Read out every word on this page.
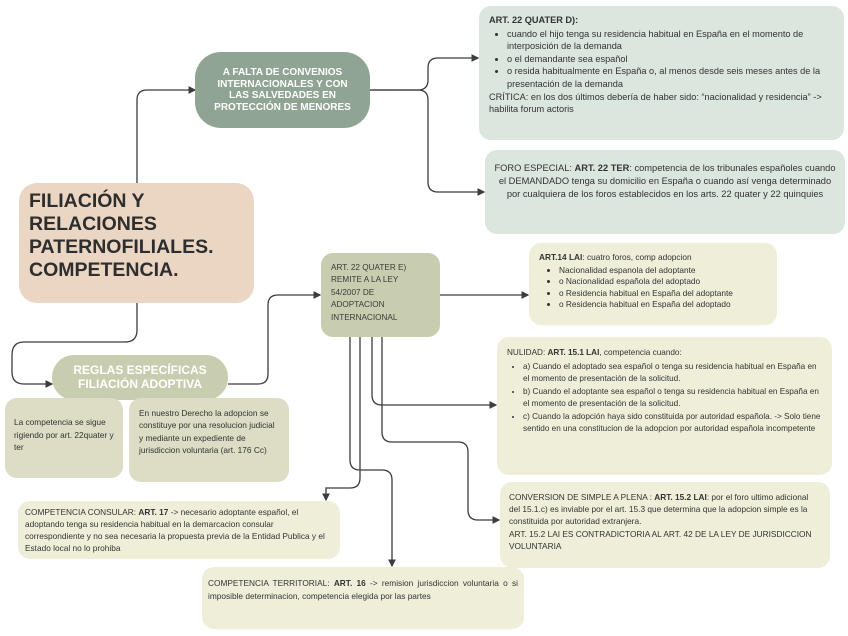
FILIACIÓN Y
RELACIONES
PATERNOFILIALES.
COMPETENCIA.
A FALTA DE CONVENIOS
INTERNACIONALES Y CON
LAS SALVEDADES EN
PROTECCIÓN DE MENORES
REGLAS ESPECÍFICAS
FILIACIÓN ADOPTIVA
ART. 22 QUATER D):
• cuando el hijo tenga su residencia habitual en España en el momento de interposición de la demanda
• o el demandante sea español
• o resida habitualmente en España o, al menos desde seis meses antes de la presentación de la demanda
CRÍTICA: en los dos últimos debería de haber sido: “nacionalidad y residencia” -> habilita forum actoris
FORO ESPECIAL: ART. 22 TER: competencia de los tribunales españoles cuando el DEMANDADO tenga su domicilio en España o cuando así venga determinado por cualquiera de los foros establecidos en los arts. 22 quater y 22 quinquies
ART. 22 QUATER E)
REMITE A LA LEY
54/2007 DE
ADOPTACION
INTERNACIONAL
ART.14 LAI: cuatro foros, comp adopcion
• Nacionalidad espanola del adoptante
• o Nacionalidad española del adoptado
• o Residencia habitual en España del adoptante
• o Residencia habitual en España del adoptado
NULIDAD: ART. 15.1 LAI, competencia cuando:
• a) Cuando el adoptado sea español o tenga su residencia habitual en España en el momento de presentación de la solicitud.
• b) Cuando el adoptante sea español o tenga su residencia habitual en España en el momento de presentación de la solicitud.
• c) Cuando la adopción haya sido constituida por autoridad española. -> Solo tiene sentido en una constitucion de la adopcion por autoridad española incompetente
CONVERSION DE SIMPLE A PLENA : ART. 15.2 LAI: por el foro ultimo adicional del 15.1.c) es inviable por el art. 15.3 que determina que la adopcion simple es la constituida por autoridad extranjera.
ART. 15.2 LAI ES CONTRADICTORIA AL ART. 42 DE LA LEY DE JURISDICCION VOLUNTARIA
La competencia se sigue rigiendo por art. 22quater y ter
En nuestro Derecho la adopcion se constituye por una resolucion judicial y mediante un expediente de jurisdiccion voluntaria (art. 176 Cc)
COMPETENCIA CONSULAR: ART. 17 -> necesario adoptante español, el adoptando tenga su residencia habitual en la demarcacion consular correspondiente y no sea necesaria la propuesta previa de la Entidad Publica y el Estado local no lo prohiba
COMPETENCIA TERRITORIAL: ART. 16 -> remision jurisdiccion voluntaria o si imposible determinacion, competencia elegida por las partes
